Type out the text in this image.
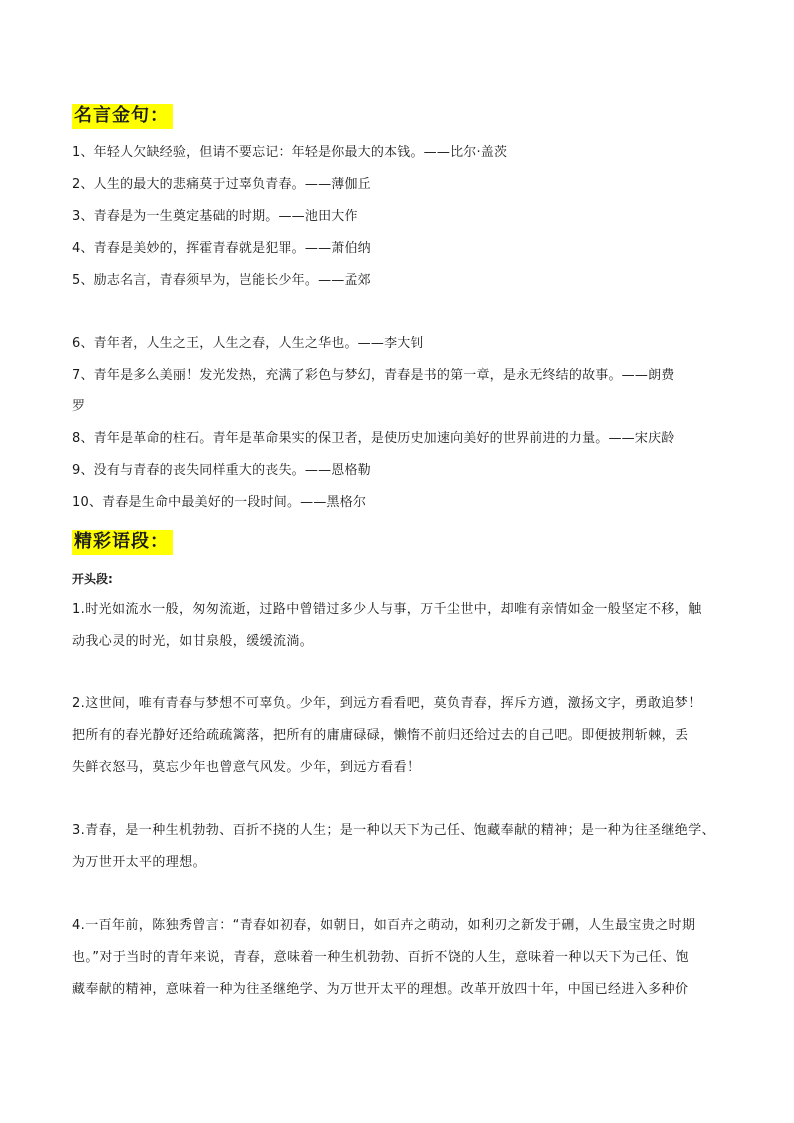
名言金句：
1、年轻人欠缺经验，但请不要忘记：年轻是你最大的本钱。——比尔·盖茨
2、人生的最大的悲痛莫于过辜负青春。——薄伽丘
3、青春是为一生奠定基础的时期。——池田大作
4、青春是美妙的，挥霍青春就是犯罪。——萧伯纳
5、励志名言，青春须早为，岂能长少年。——孟郊
6、青年者，人生之王，人生之春，人生之华也。——李大钊
7、青年是多么美丽！发光发热，充满了彩色与梦幻，青春是书的第一章，是永无终结的故事。——朗费
罗
8、青年是革命的柱石。青年是革命果实的保卫者，是使历史加速向美好的世界前进的力量。——宋庆龄
9、没有与青春的丧失同样重大的丧失。——恩格勒
10、青春是生命中最美好的一段时间。——黑格尔
精彩语段：
开头段:
1.时光如流水一般，匆匆流逝，过路中曾错过多少人与事，万千尘世中，却唯有亲情如金一般坚定不移，触
动我心灵的时光，如甘泉般，缓缓流淌。
2.这世间，唯有青春与梦想不可辜负。少年，到远方看看吧，莫负青春，挥斥方遒，激扬文字，勇敢追梦！
把所有的春光静好还给疏疏篱落，把所有的庸庸碌碌，懒惰不前归还给过去的自己吧。即便披荆斩棘，丢
失鲜衣怒马，莫忘少年也曾意气风发。少年，到远方看看！
3.青春，是一种生机勃勃、百折不挠的人生；是一种以天下为己任、饱藏奉献的精神；是一种为往圣继绝学、
为万世开太平的理想。
4.一百年前，陈独秀曾言：“青春如初春，如朝日，如百卉之萌动，如利刃之新发于硎，人生最宝贵之时期
也。”对于当时的青年来说，青春，意味着一种生机勃勃、百折不饶的人生，意味着一种以天下为己任、饱
藏奉献的精神，意味着一种为往圣继绝学、为万世开太平的理想。改革开放四十年，中国已经进入多种价
